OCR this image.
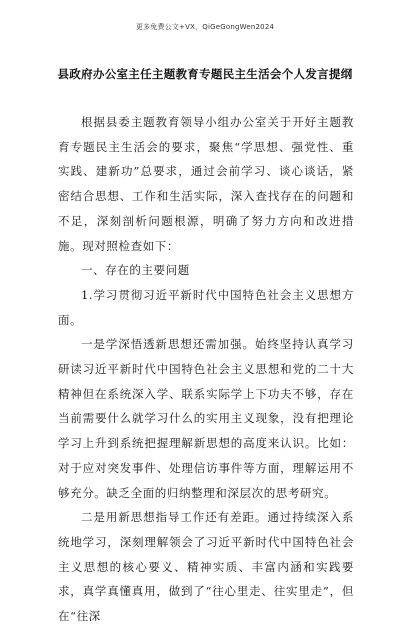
更多免费公文+VX，QiGeGongWen2024
县政府办公室主任主题教育专题民主生活会个人发言提纲

根据县委主题教育领导小组办公室关于开好主题教育专题民主生活会的要求，聚焦“学思想、强党性、重实践、建新功”总要求，通过会前学习、谈心谈话，紧密结合思想、工作和生活实际，深入查找存在的问题和不足，深刻剖析问题根源，明确了努力方向和改进措施。现对照检查如下：

一、存在的主要问题

1.学习贯彻习近平新时代中国特色社会主义思想方面。

一是学深悟透新思想还需加强。始终坚持认真学习研读习近平新时代中国特色社会主义思想和党的二十大精神但在系统深入学、联系实际学上下功夫不够，存在当前需要什么就学习什么的实用主义现象，没有把理论学习上升到系统把握理解新思想的高度来认识。比如：对于应对突发事件、处理信访事件等方面，理解运用不够充分。缺乏全面的归纳整理和深层次的思考研究。

二是用新思想指导工作还有差距。通过持续深入系统地学习，深刻理解领会了习近平新时代中国特色社会主义思想的核心要义、精神实质、丰富内涵和实践要求，真学真懂真用，做到了“往心里走、往实里走”，但在“往深
